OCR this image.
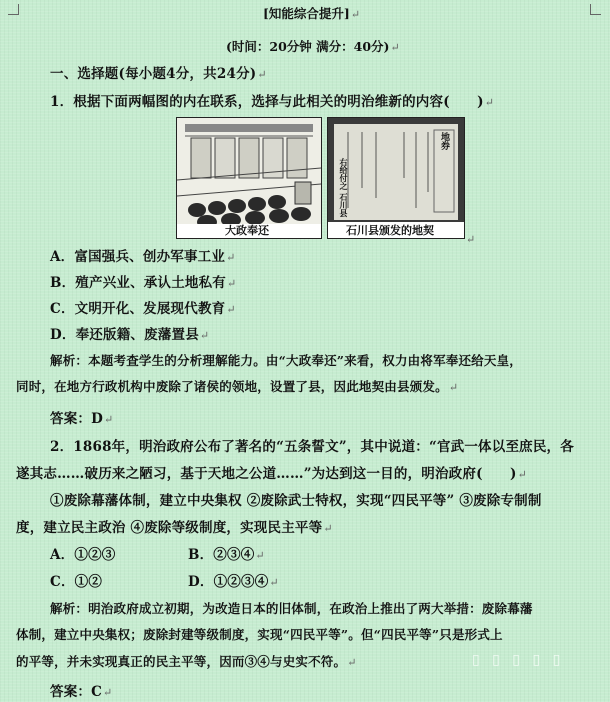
[知能综合提升]↵
(时间：20分钟 满分：40分)↵
一、选择题(每小题4分，共24分)↵
1．根据下面两幅图的内在联系，选择与此相关的明治维新的内容(　　)↵
大政奉还
右给付之 石川县
地券
石川县颁发的地契
↵
A．富国强兵、创办军事工业↵
B．殖产兴业、承认土地私有↵
C．文明开化、发展现代教育↵
D．奉还版籍、废藩置县↵
解析：本题考查学生的分析理解能力。由“大政奉还”来看，权力由将军奉还给天皇，
同时，在地方行政机构中废除了诸侯的领地，设置了县，因此地契由县颁发。↵
答案：D↵
2．1868年，明治政府公布了著名的“五条誓文”，其中说道：“官武一体以至庶民，各
遂其志……破历来之陋习，基于天地之公道……”为达到这一目的，明治政府(　　)↵
①废除幕藩体制，建立中央集权 ②废除武士特权，实现“四民平等” ③废除专制制
度，建立民主政治 ④废除等级制度，实现民主平等↵
A．①②③	B．②③④↵
C．①②	D．①②③④↵
解析：明治政府成立初期，为改造日本的旧体制，在政治上推出了两大举措：废除幕藩
体制，建立中央集权；废除封建等级制度，实现“四民平等”。但“四民平等”只是形式上
的平等，并未实现真正的民主平等，因而③④与史实不符。↵
答案：C↵
▯ ▯ ▯ ▯ ▯
